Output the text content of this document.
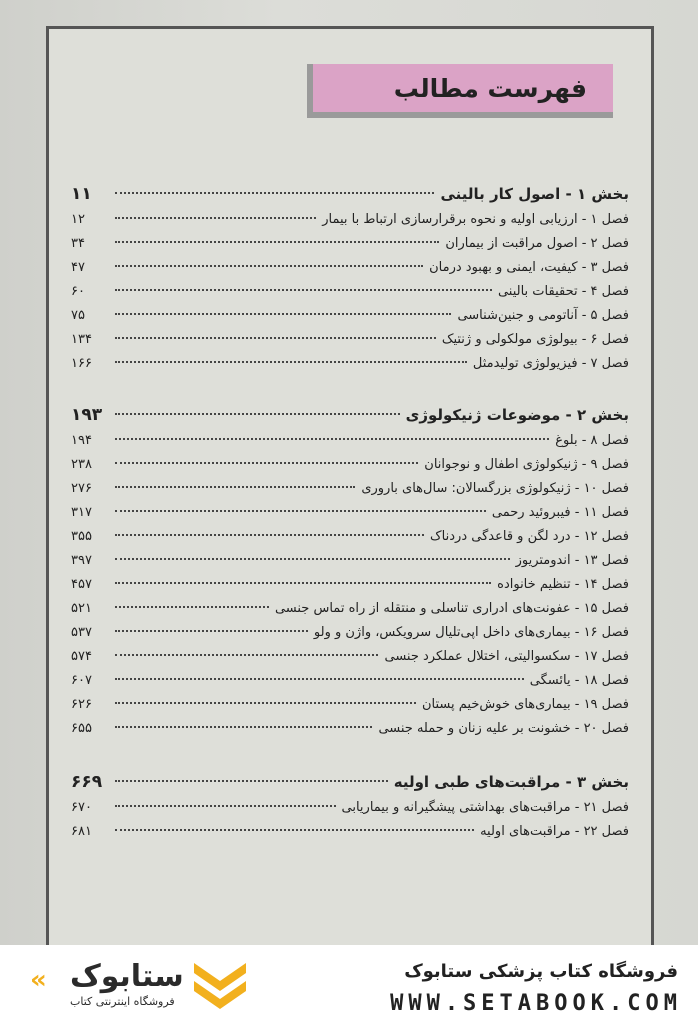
فهرست مطالب
بخش ۱ - اصول کار بالینی
۱۱
فصل ۱ - ارزیابی اولیه و نحوه برقرارسازی ارتباط با بیمار
۱۲
فصل ۲ - اصول مراقبت از بیماران
۳۴
فصل ۳ - کیفیت، ایمنی و بهبود درمان
۴۷
فصل ۴ - تحقیقات بالینی
۶۰
فصل ۵ - آناتومی و جنین‌شناسی
۷۵
فصل ۶ - بیولوژی مولکولی و ژنتیک
۱۳۴
فصل ۷ - فیزیولوژی تولیدمثل
۱۶۶
بخش ۲ - موضوعات ژنیکولوژی
۱۹۳
فصل ۸ - بلوغ
۱۹۴
فصل ۹ - ژنیکولوژی اطفال و نوجوانان
۲۳۸
فصل ۱۰ - ژنیکولوژی بزرگسالان: سال‌های باروری
۲۷۶
فصل ۱۱ - فیبروئید رحمی
۳۱۷
فصل ۱۲ - درد لگن و قاعدگی دردناک
۳۵۵
فصل ۱۳ - اندومتریوز
۳۹۷
فصل ۱۴ - تنظیم خانواده
۴۵۷
فصل ۱۵ - عفونت‌های ادراری تناسلی و منتقله از راه تماس جنسی
۵۲۱
فصل ۱۶ - بیماری‌های داخل اپی‌تلیال سرویکس، واژن و ولو
۵۳۷
فصل ۱۷ - سکسوالیتی، اختلال عملکرد جنسی
۵۷۴
فصل ۱۸ - یائسگی
۶۰۷
فصل ۱۹ - بیماری‌های خوش‌خیم پستان
۶۲۶
فصل ۲۰ - خشونت بر علیه زنان و حمله جنسی
۶۵۵
بخش ۳ - مراقبت‌های طبی اولیه
۶۶۹
فصل ۲۱ - مراقبت‌های بهداشتی پیشگیرانه و بیماریابی
۶۷۰
فصل ۲۲ - مراقبت‌های اولیه
۶۸۱
« ستابوک
فروشگاه اینترنتی کتاب
فروشگاه کتاب پزشکی ستابوک
WWW.SETABOOK.COM
